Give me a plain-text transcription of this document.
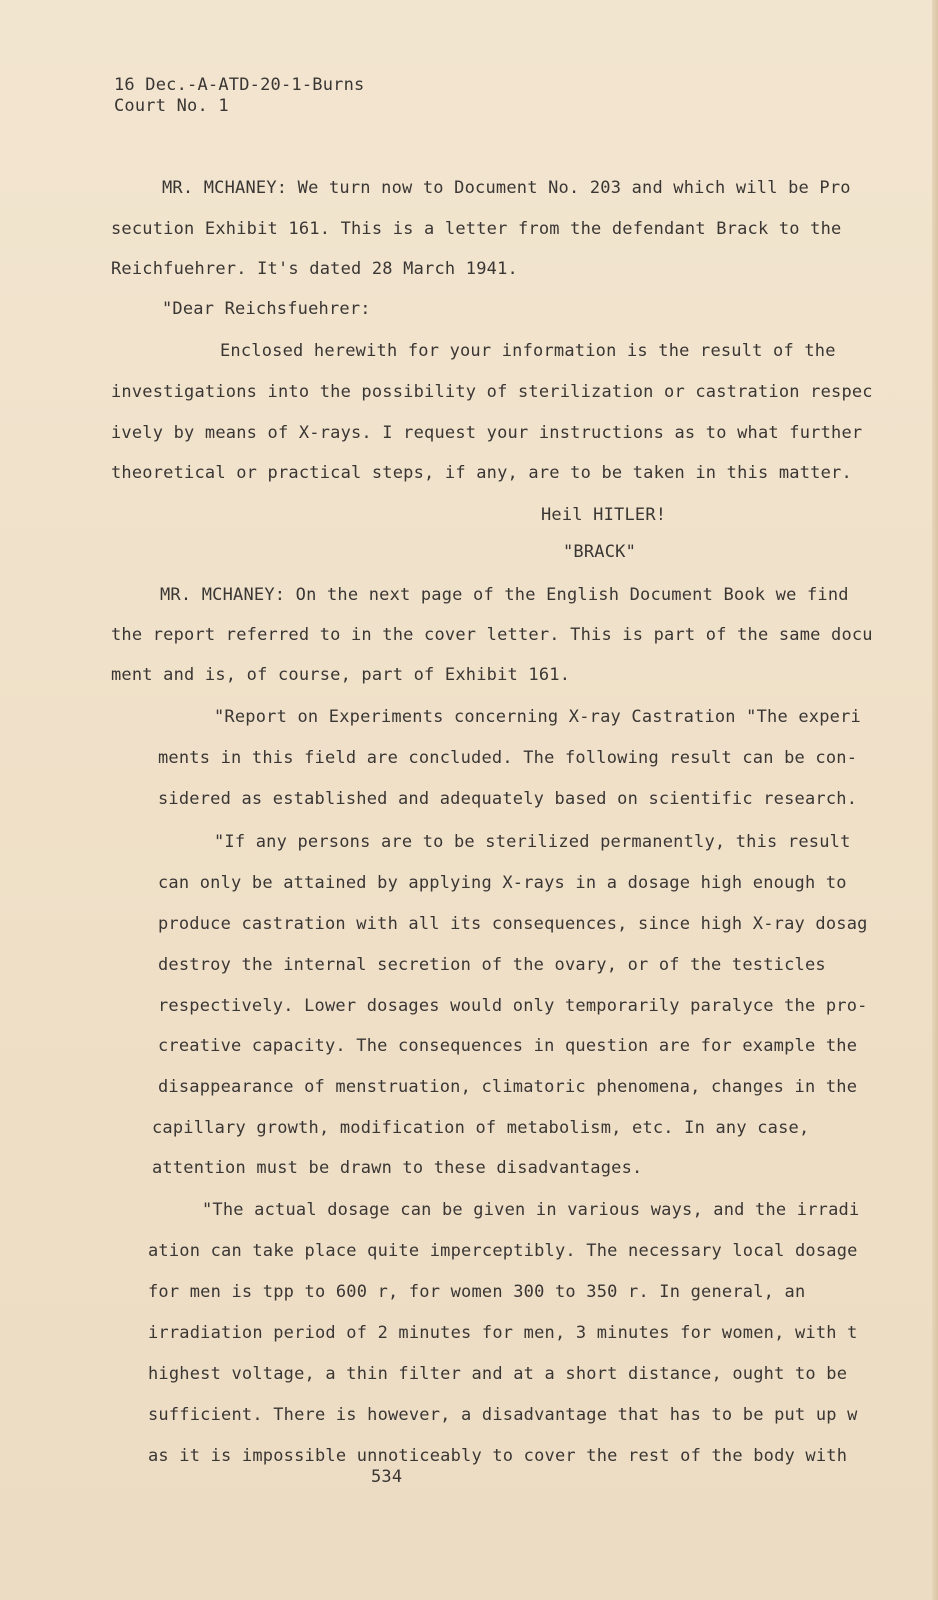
16 Dec.-A-ATD-20-1-Burns
Court No. 1
MR. MCHANEY: We turn now to Document No. 203 and which will be Pro
secution Exhibit 161. This is a letter from the defendant Brack to the
Reichfuehrer. It's dated 28 March 1941.
"Dear Reichsfuehrer:
Enclosed herewith for your information is the result of the
investigations into the possibility of sterilization or castration respec
ively by means of X-rays. I request your instructions as to what further
theoretical or practical steps, if any, are to be taken in this matter.
Heil HITLER!
"BRACK"
MR. MCHANEY: On the next page of the English Document Book we find
the report referred to in the cover letter. This is part of the same docu
ment and is, of course, part of Exhibit 161.
"Report on Experiments concerning X-ray Castration "The experi
ments in this field are concluded. The following result can be con-
sidered as established and adequately based on scientific research.
"If any persons are to be sterilized permanently, this result
can only be attained by applying X-rays in a dosage high enough to
produce castration with all its consequences, since high X-ray dosag
destroy the internal secretion of the ovary, or of the testicles
respectively. Lower dosages would only temporarily paralyce the pro-
creative capacity. The consequences in question are for example the
disappearance of menstruation, climatoric phenomena, changes in the
capillary growth, modification of metabolism, etc. In any case,
attention must be drawn to these disadvantages.
"The actual dosage can be given in various ways, and the irradi
ation can take place quite imperceptibly. The necessary local dosage
for men is tpp to 600 r, for women 300 to 350 r. In general, an
irradiation period of 2 minutes for men, 3 minutes for women, with t
highest voltage, a thin filter and at a short distance, ought to be
sufficient. There is however, a disadvantage that has to be put up w
as it is impossible unnoticeably to cover the rest of the body with
534
